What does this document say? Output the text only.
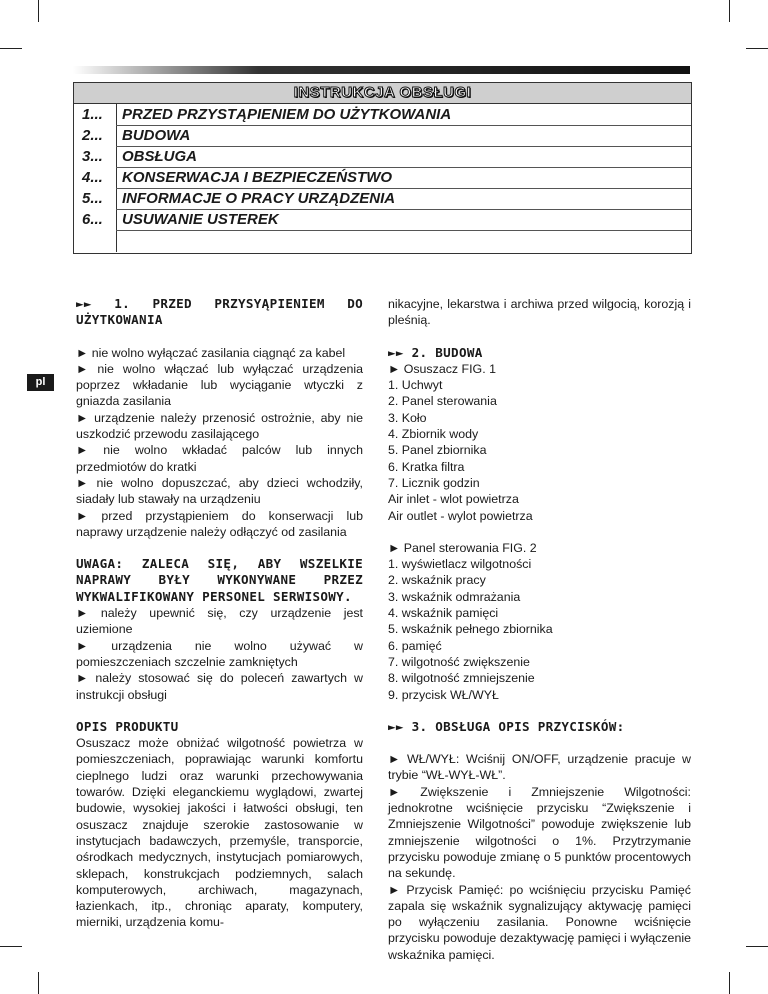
INSTRUKCJA OBSŁUGI
1... PRZED PRZYSTĄPIENIEM DO UŻYTKOWANIA
2... BUDOWA
3... OBSŁUGA
4... KONSERWACJA I BEZPIECZEŃSTWO
5... INFORMACJE O PRACY URZĄDZENIA
6... USUWANIE USTEREK
pl

►► 1. PRZED PRZYSYĄPIENIEM DO UŻYTKOWANIA

► nie wolno wyłączać zasilania ciągnąć za kabel

► nie wolno włączać lub wyłączać urządzenia poprzez wkładanie lub wyciąganie wtyczki z gniazda zasilania

► urządzenie należy przenosić ostrożnie, aby nie uszkodzić przewodu zasilającego

► nie wolno wkładać palców lub innych przedmiotów do kratki

► nie wolno dopuszczać, aby dzieci wchodziły, siadały lub stawały na urządzeniu

► przed przystąpieniem do konserwacji lub naprawy urządzenie należy odłączyć od zasilania

UWAGA: ZALECA SIĘ, ABY WSZELKIE NAPRAWY BYŁY WYKONYWANE PRZEZ WYKWALIFIKOWANY PERSONEL SERWISOWY.

► należy upewnić się, czy urządzenie jest uziemione

► urządzenia nie wolno używać w pomieszczeniach szczelnie zamkniętych

► należy stosować się do poleceń zawartych w instrukcji obsługi

OPIS PRODUKTU

Osuszacz może obniżać wilgotność powietrza w pomieszczeniach, poprawiając warunki komfortu cieplnego ludzi oraz warunki przechowywania towarów. Dzięki eleganckiemu wyglądowi, zwartej budowie, wysokiej jakości i łatwości obsługi, ten osuszacz znajduje szerokie zastosowanie w instytucjach badawczych, przemyśle, transporcie, ośrodkach medycznych, instytucjach pomiarowych, sklepach, konstrukcjach podziemnych, salach komputerowych, archiwach, magazynach, łazienkach, itp., chroniąc aparaty, komputery, mierniki, urządzenia komu-

nikacyjne, lekarstwa i archiwa przed wilgocią, korozją i pleśnią.

►► 2. BUDOWA

► Osuszacz FIG. 1

1. Uchwyt

2. Panel sterowania

3. Koło

4. Zbiornik wody

5. Panel zbiornika

6. Kratka filtra

7. Licznik godzin

Air inlet - wlot powietrza

Air outlet - wylot powietrza

► Panel sterowania FIG. 2

1. wyświetlacz wilgotności

2. wskaźnik pracy

3. wskaźnik odmrażania

4. wskaźnik pamięci

5. wskaźnik pełnego zbiornika

6. pamięć

7. wilgotność zwiększenie

8. wilgotność zmniejszenie

9. przycisk WŁ/WYŁ

►► 3. OBSŁUGA OPIS PRZYCISKÓW:

► WŁ/WYŁ: Wciśnij ON/OFF, urządzenie pracuje w trybie “WŁ-WYŁ-WŁ”.

► Zwiększenie i Zmniejszenie Wilgotności: jednokrotne wciśnięcie przycisku “Zwiększenie i Zmniejszenie Wilgotności” powoduje zwiększenie lub zmniejszenie wilgotności o 1%. Przytrzymanie przycisku powoduje zmianę o 5 punktów procentowych na sekundę.

► Przycisk Pamięć: po wciśnięciu przycisku Pamięć zapala się wskaźnik sygnalizujący aktywację pamięci po wyłączeniu zasilania. Ponowne wciśnięcie przycisku powoduje dezaktywację pamięci i wyłączenie wskaźnika pamięci.
